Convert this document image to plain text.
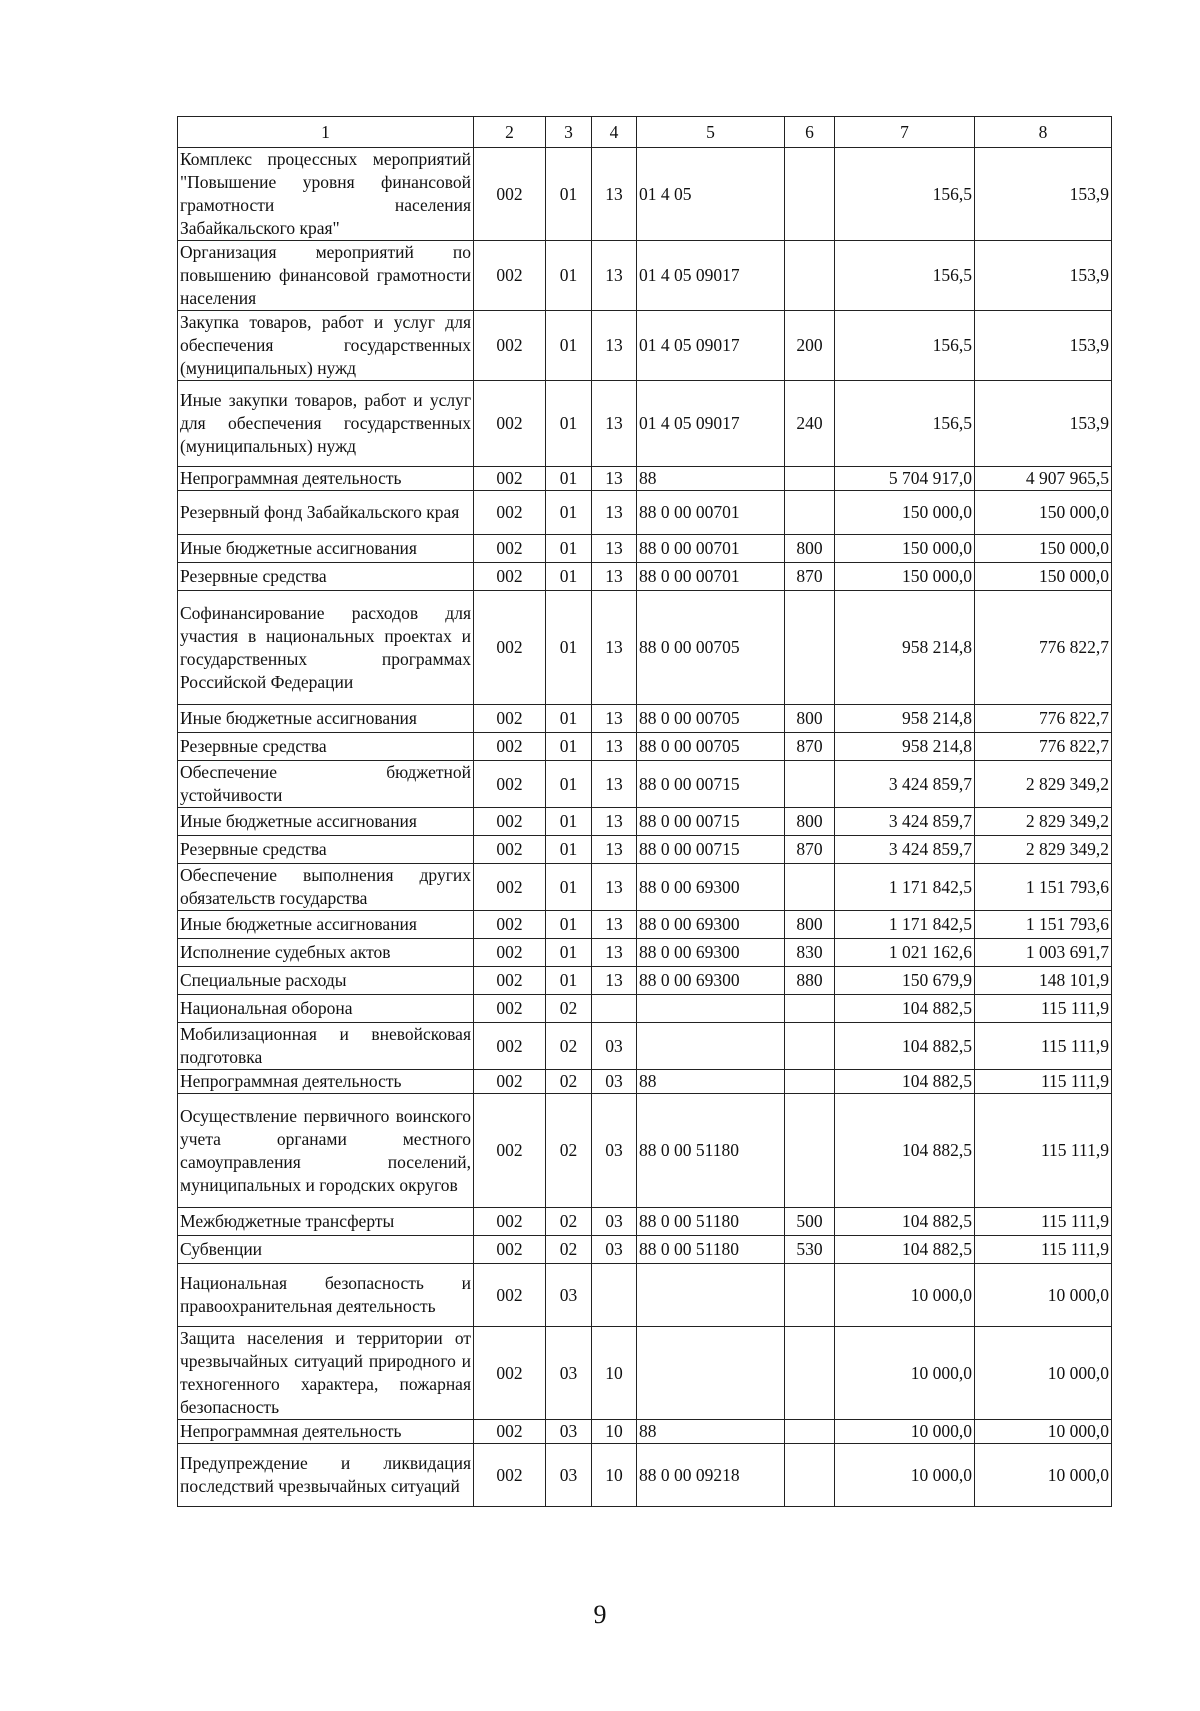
1	2	3	4	5	6	7	8
Комплекс процессных мероприятий "Повышение уровня финансовой грамотности населения Забайкальского края"	002	01	13	01 4 05		156,5	153,9
Организация мероприятий по повышению финансовой грамотности населения	002	01	13	01 4 05 09017		156,5	153,9
Закупка товаров, работ и услуг для обеспечения государственных (муниципальных) нужд	002	01	13	01 4 05 09017	200	156,5	153,9
Иные закупки товаров, работ и услуг для обеспечения государственных (муниципальных) нужд	002	01	13	01 4 05 09017	240	156,5	153,9
Непрограммная деятельность	002	01	13	88		5 704 917,0	4 907 965,5
Резервный фонд Забайкальского края	002	01	13	88 0 00 00701		150 000,0	150 000,0
Иные бюджетные ассигнования	002	01	13	88 0 00 00701	800	150 000,0	150 000,0
Резервные средства	002	01	13	88 0 00 00701	870	150 000,0	150 000,0
Софинансирование расходов для участия в национальных проектах и государственных программах Российской Федерации	002	01	13	88 0 00 00705		958 214,8	776 822,7
Иные бюджетные ассигнования	002	01	13	88 0 00 00705	800	958 214,8	776 822,7
Резервные средства	002	01	13	88 0 00 00705	870	958 214,8	776 822,7
Обеспечение бюджетной устойчивости	002	01	13	88 0 00 00715		3 424 859,7	2 829 349,2
Иные бюджетные ассигнования	002	01	13	88 0 00 00715	800	3 424 859,7	2 829 349,2
Резервные средства	002	01	13	88 0 00 00715	870	3 424 859,7	2 829 349,2
Обеспечение выполнения других обязательств государства	002	01	13	88 0 00 69300		1 171 842,5	1 151 793,6
Иные бюджетные ассигнования	002	01	13	88 0 00 69300	800	1 171 842,5	1 151 793,6
Исполнение судебных актов	002	01	13	88 0 00 69300	830	1 021 162,6	1 003 691,7
Специальные расходы	002	01	13	88 0 00 69300	880	150 679,9	148 101,9
Национальная оборона	002	02				104 882,5	115 111,9
Мобилизационная и вневойсковая подготовка	002	02	03			104 882,5	115 111,9
Непрограммная деятельность	002	02	03	88		104 882,5	115 111,9
Осуществление первичного воинского учета органами местного самоуправления поселений, муниципальных и городских округов	002	02	03	88 0 00 51180		104 882,5	115 111,9
Межбюджетные трансферты	002	02	03	88 0 00 51180	500	104 882,5	115 111,9
Субвенции	002	02	03	88 0 00 51180	530	104 882,5	115 111,9
Национальная безопасность и правоохранительная деятельность	002	03				10 000,0	10 000,0
Защита населения и территории от чрезвычайных ситуаций природного и техногенного характера, пожарная безопасность	002	03	10			10 000,0	10 000,0
Непрограммная деятельность	002	03	10	88		10 000,0	10 000,0
Предупреждение и ликвидация последствий чрезвычайных ситуаций	002	03	10	88 0 00 09218		10 000,0	10 000,0
9
